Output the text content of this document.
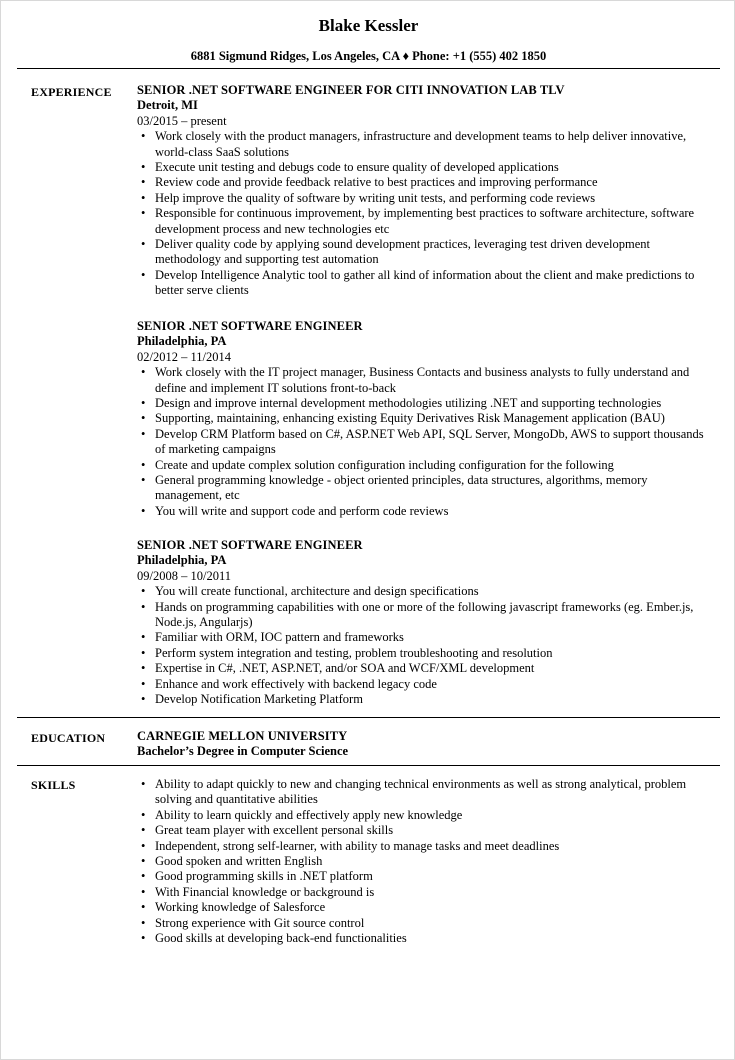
Blake Kessler
6881 Sigmund Ridges, Los Angeles, CA ♦ Phone: +1 (555) 402 1850
EXPERIENCE SENIOR .NET SOFTWARE ENGINEER FOR CITI INNOVATION LAB TLV
Detroit, MI
03/2015 – present
• Work closely with the product managers, infrastructure and development teams to help deliver innovative, world-class SaaS solutions
• Execute unit testing and debugs code to ensure quality of developed applications
• Review code and provide feedback relative to best practices and improving performance
• Help improve the quality of software by writing unit tests, and performing code reviews
• Responsible for continuous improvement, by implementing best practices to software architecture, software development process and new technologies etc
• Deliver quality code by applying sound development practices, leveraging test driven development methodology and supporting test automation
• Develop Intelligence Analytic tool to gather all kind of information about the client and make predictions to better serve clients
SENIOR .NET SOFTWARE ENGINEER
Philadelphia, PA
02/2012 – 11/2014
• Work closely with the IT project manager, Business Contacts and business analysts to fully understand and define and implement IT solutions front-to-back
• Design and improve internal development methodologies utilizing .NET and supporting technologies
• Supporting, maintaining, enhancing existing Equity Derivatives Risk Management application (BAU)
• Develop CRM Platform based on C#, ASP.NET Web API, SQL Server, MongoDb, AWS to support thousands of marketing campaigns
• Create and update complex solution configuration including configuration for the following
• General programming knowledge - object oriented principles, data structures, algorithms, memory management, etc
• You will write and support code and perform code reviews
SENIOR .NET SOFTWARE ENGINEER
Philadelphia, PA
09/2008 – 10/2011
• You will create functional, architecture and design specifications
• Hands on programming capabilities with one or more of the following javascript frameworks (eg. Ember.js, Node.js, Angularjs)
• Familiar with ORM, IOC pattern and frameworks
• Perform system integration and testing, problem troubleshooting and resolution
• Expertise in C#, .NET, ASP.NET, and/or SOA and WCF/XML development
• Enhance and work effectively with backend legacy code
• Develop Notification Marketing Platform
EDUCATION	CARNEGIE MELLON UNIVERSITY
Bachelor’s Degree in Computer Science
SKILLS	• Ability to adapt quickly to new and changing technical environments as well as strong analytical, problem solving and quantitative abilities
• Ability to learn quickly and effectively apply new knowledge
• Great team player with excellent personal skills
• Independent, strong self-learner, with ability to manage tasks and meet deadlines
• Good spoken and written English
• Good programming skills in .NET platform
• With Financial knowledge or background is
• Working knowledge of Salesforce
• Strong experience with Git source control
• Good skills at developing back-end functionalities
